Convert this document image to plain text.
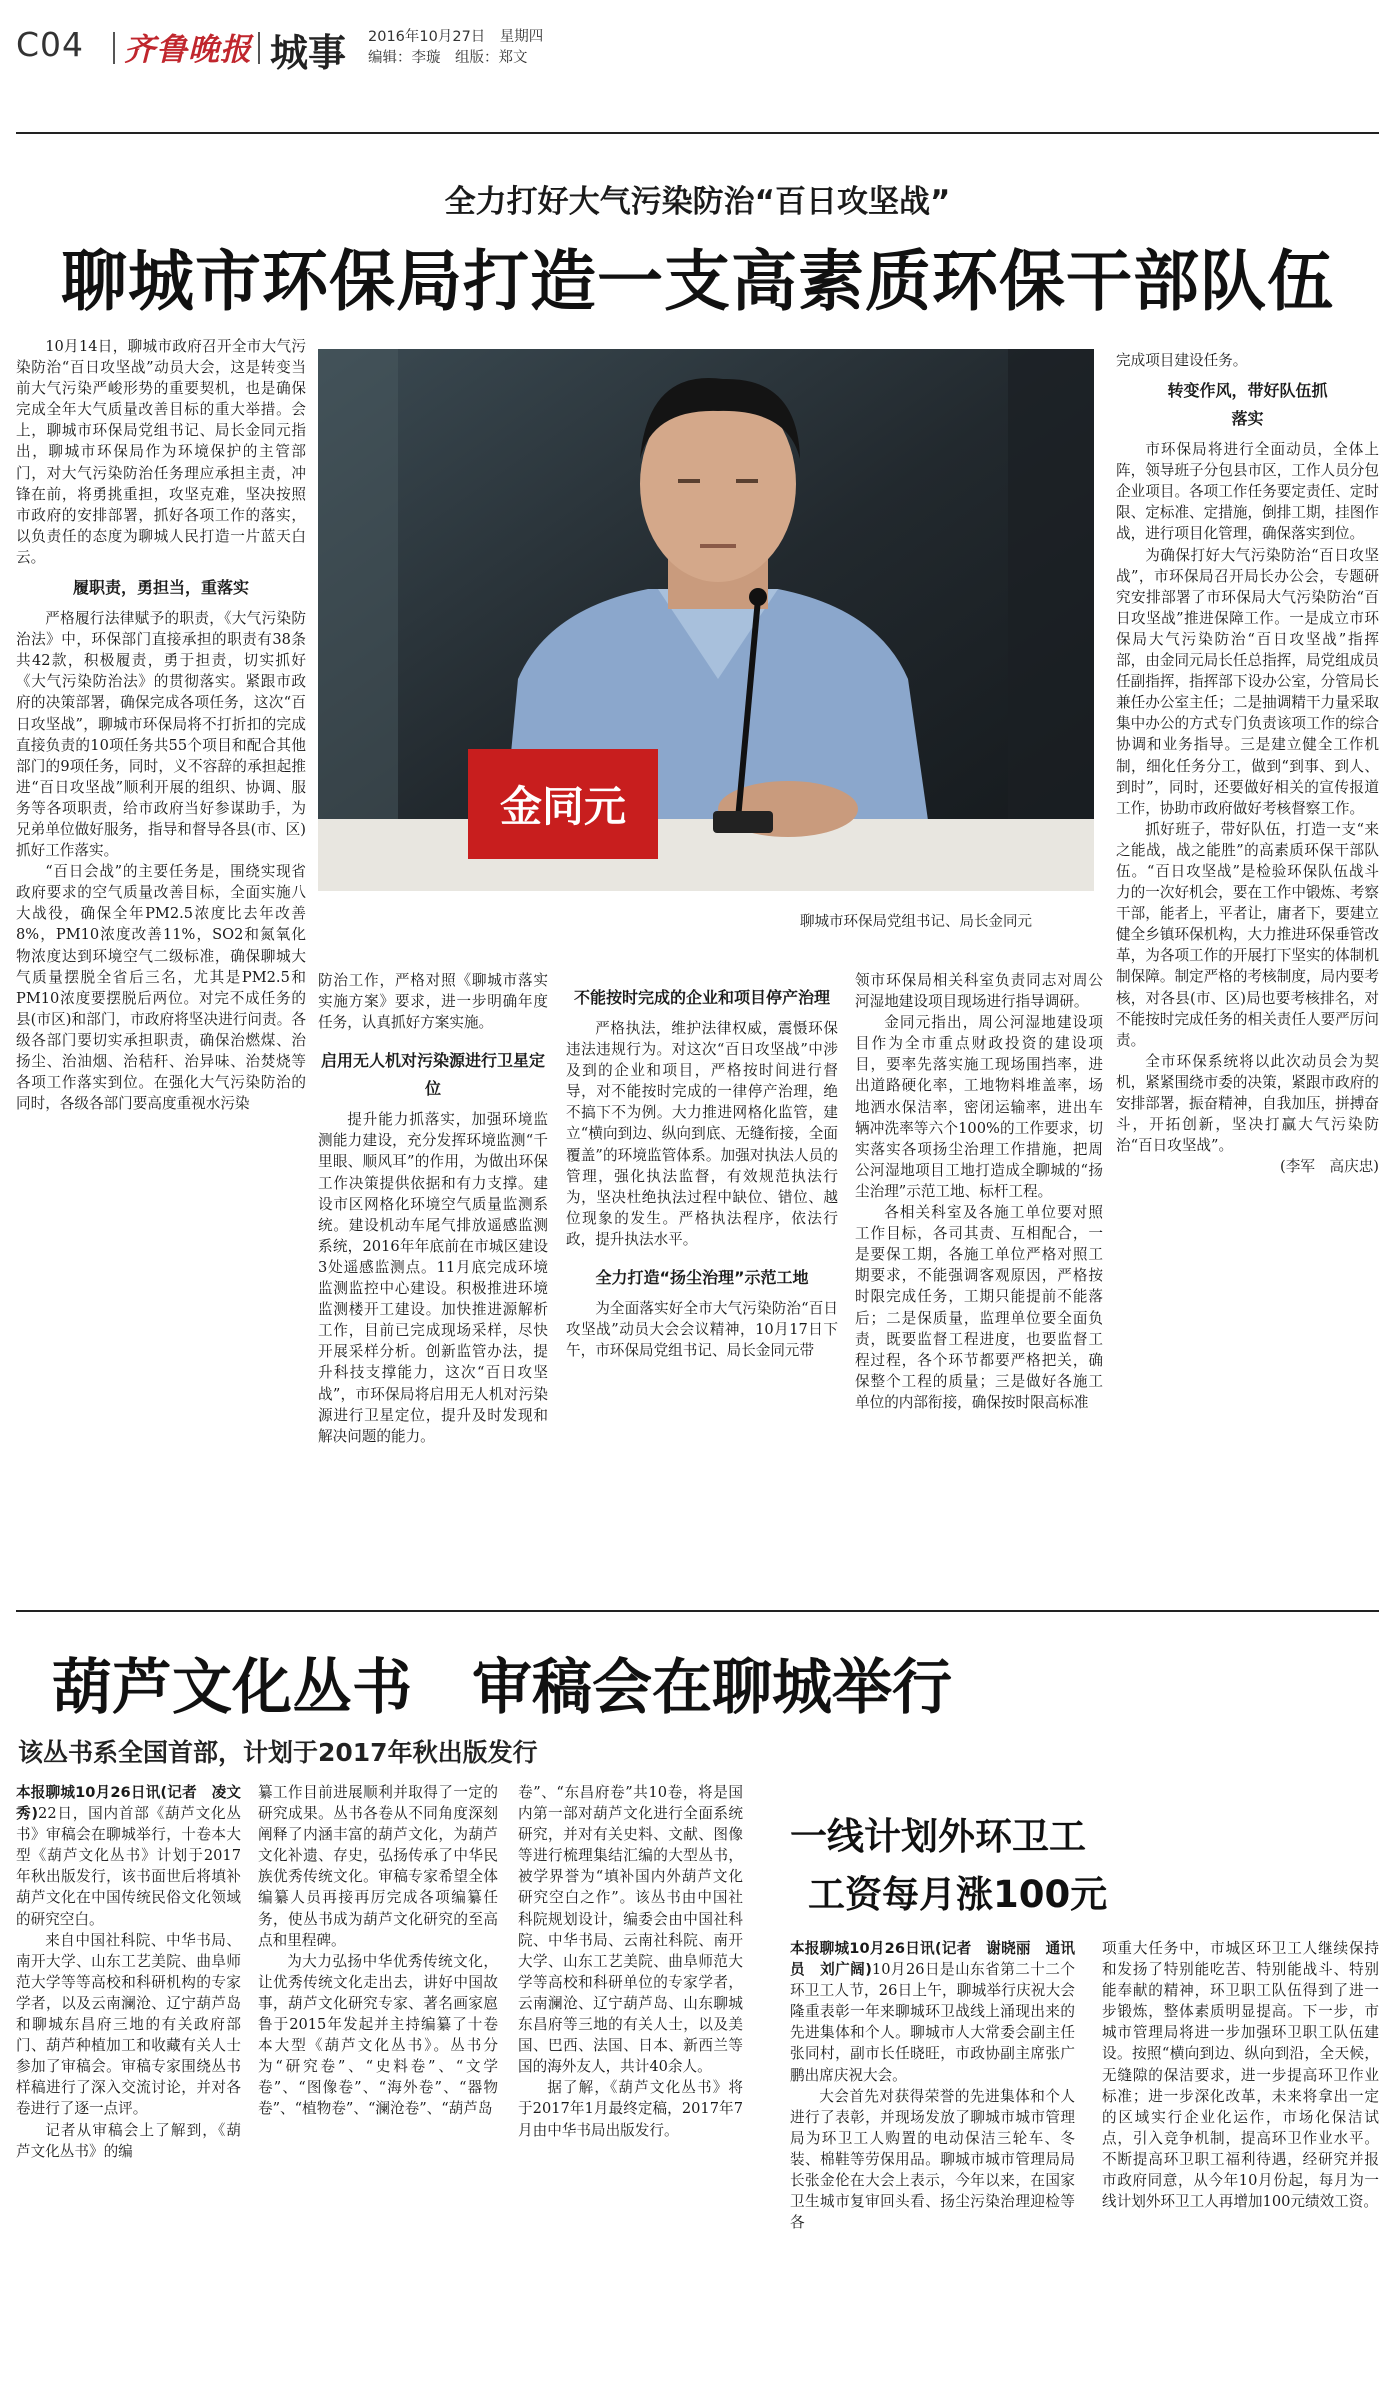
C04 齐鲁晚报 城事 2016年10月27日　星期四
编辑：李璇　组版：郑文
全力打好大气污染防治“百日攻坚战”
聊城市环保局打造一支高素质环保干部队伍
金同元
聊城市环保局党组书记、局长金同元

10月14日，聊城市政府召开全市大气污染防治“百日攻坚战”动员大会，这是转变当前大气污染严峻形势的重要契机，也是确保完成全年大气质量改善目标的重大举措。会上，聊城市环保局党组书记、局长金同元指出，聊城市环保局作为环境保护的主管部门，对大气污染防治任务理应承担主责，冲锋在前，将勇挑重担，攻坚克难，坚决按照市政府的安排部署，抓好各项工作的落实，以负责任的态度为聊城人民打造一片蓝天白云。

履职责，勇担当，重落实

严格履行法律赋予的职责，《大气污染防治法》中，环保部门直接承担的职责有38条共42款，积极履责，勇于担责，切实抓好《大气污染防治法》的贯彻落实。紧跟市政府的决策部署，确保完成各项任务，这次“百日攻坚战”，聊城市环保局将不打折扣的完成直接负责的10项任务共55个项目和配合其他部门的9项任务，同时，义不容辞的承担起推进“百日攻坚战”顺利开展的组织、协调、服务等各项职责，给市政府当好参谋助手，为兄弟单位做好服务，指导和督导各县(市、区)抓好工作落实。

“百日会战”的主要任务是，围绕实现省政府要求的空气质量改善目标，全面实施八大战役，确保全年PM2.5浓度比去年改善8%，PM10浓度改善11%，SO2和氮氧化物浓度达到环境空气二级标准，确保聊城大气质量摆脱全省后三名，尤其是PM2.5和PM10浓度要摆脱后两位。对完不成任务的县(市区)和部门，市政府将坚决进行问责。各级各部门要切实承担职责，确保治燃煤、治扬尘、治油烟、治秸秆、治异味、治焚烧等各项工作落实到位。在强化大气污染防治的同时，各级各部门要高度重视水污染

防治工作，严格对照《聊城市落实实施方案》要求，进一步明确年度任务，认真抓好方案实施。

启用无人机对污染源进行卫星定位

提升能力抓落实，加强环境监测能力建设，充分发挥环境监测“千里眼、顺风耳”的作用，为做出环保工作决策提供依据和有力支撑。建设市区网格化环境空气质量监测系统。建设机动车尾气排放遥感监测系统，2016年年底前在市城区建设3处遥感监测点。11月底完成环境监测监控中心建设。积极推进环境监测楼开工建设。加快推进源解析工作，目前已完成现场采样，尽快开展采样分析。创新监管办法，提升科技支撑能力，这次“百日攻坚战”，市环保局将启用无人机对污染源进行卫星定位，提升及时发现和解决问题的能力。

不能按时完成的企业和项目停产治理

严格执法，维护法律权威，震慑环保违法违规行为。对这次“百日攻坚战”中涉及到的企业和项目，严格按时间进行督导，对不能按时完成的一律停产治理，绝不搞下不为例。大力推进网格化监管，建立“横向到边、纵向到底、无缝衔接，全面覆盖”的环境监管体系。加强对执法人员的管理，强化执法监督，有效规范执法行为，坚决杜绝执法过程中缺位、错位、越位现象的发生。严格执法程序，依法行政，提升执法水平。

全力打造“扬尘治理”示范工地

为全面落实好全市大气污染防治“百日攻坚战”动员大会会议精神，10月17日下午，市环保局党组书记、局长金同元带

领市环保局相关科室负责同志对周公河湿地建设项目现场进行指导调研。

金同元指出，周公河湿地建设项目作为全市重点财政投资的建设项目，要率先落实施工现场围挡率，进出道路硬化率，工地物料堆盖率，场地洒水保洁率，密闭运输率，进出车辆冲洗率等六个100%的工作要求，切实落实各项扬尘治理工作措施，把周公河湿地项目工地打造成全聊城的“扬尘治理”示范工地、标杆工程。

各相关科室及各施工单位要对照工作目标，各司其责、互相配合，一是要保工期，各施工单位严格对照工期要求，不能强调客观原因，严格按时限完成任务，工期只能提前不能落后；二是保质量，监理单位要全面负责，既要监督工程进度，也要监督工程过程，各个环节都要严格把关，确保整个工程的质量；三是做好各施工单位的内部衔接，确保按时限高标准

完成项目建设任务。

转变作风，带好队伍抓落实

市环保局将进行全面动员，全体上阵，领导班子分包县市区，工作人员分包企业项目。各项工作任务要定责任、定时限、定标准、定措施，倒排工期，挂图作战，进行项目化管理，确保落实到位。

为确保打好大气污染防治“百日攻坚战”，市环保局召开局长办公会，专题研究安排部署了市环保局大气污染防治“百日攻坚战”推进保障工作。一是成立市环保局大气污染防治“百日攻坚战”指挥部，由金同元局长任总指挥，局党组成员任副指挥，指挥部下设办公室，分管局长兼任办公室主任；二是抽调精干力量采取集中办公的方式专门负责该项工作的综合协调和业务指导。三是建立健全工作机制，细化任务分工，做到“到事、到人、到时”，同时，还要做好相关的宣传报道工作，协助市政府做好考核督察工作。

抓好班子，带好队伍，打造一支“来之能战，战之能胜”的高素质环保干部队伍。“百日攻坚战”是检验环保队伍战斗力的一次好机会，要在工作中锻炼、考察干部，能者上，平者让，庸者下，要建立健全乡镇环保机构，大力推进环保垂管改革，为各项工作的开展打下坚实的体制机制保障。制定严格的考核制度，局内要考核，对各县(市、区)局也要考核排名，对不能按时完成任务的相关责任人要严厉问责。

全市环保系统将以此次动员会为契机，紧紧围绕市委的决策，紧跟市政府的安排部署，振奋精神，自我加压，拼搏奋斗，开拓创新，坚决打赢大气污染防治“百日攻坚战”。

(李军　高庆忠)

葫芦文化丛书　审稿会在聊城举行
该丛书系全国首部，计划于2017年秋出版发行

本报聊城10月26日讯(记者　凌文秀)22日，国内首部《葫芦文化丛书》审稿会在聊城举行，十卷本大型《葫芦文化丛书》计划于2017年秋出版发行，该书面世后将填补葫芦文化在中国传统民俗文化领域的研究空白。

来自中国社科院、中华书局、南开大学、山东工艺美院、曲阜师范大学等等高校和科研机构的专家学者，以及云南澜沧、辽宁葫芦岛和聊城东昌府三地的有关政府部门、葫芦种植加工和收藏有关人士参加了审稿会。审稿专家围绕丛书样稿进行了深入交流讨论，并对各卷进行了逐一点评。

记者从审稿会上了解到，《葫芦文化丛书》的编

纂工作目前进展顺利并取得了一定的研究成果。丛书各卷从不同角度深刻阐释了内涵丰富的葫芦文化，为葫芦文化补遗、存史，弘扬传承了中华民族优秀传统文化。审稿专家希望全体编纂人员再接再厉完成各项编纂任务，使丛书成为葫芦文化研究的至高点和里程碑。

为大力弘扬中华优秀传统文化，让优秀传统文化走出去，讲好中国故事，葫芦文化研究专家、著名画家扈鲁于2015年发起并主持编纂了十卷本大型《葫芦文化丛书》。丛书分为“研究卷”、“史料卷”、“文学卷”、“图像卷”、“海外卷”、“器物卷”、“植物卷”、“澜沧卷”、“葫芦岛

卷”、“东昌府卷”共10卷，将是国内第一部对葫芦文化进行全面系统研究，并对有关史料、文献、图像等进行梳理集结汇编的大型丛书，被学界誉为“填补国内外葫芦文化研究空白之作”。该丛书由中国社科院规划设计，编委会由中国社科院、中华书局、云南社科院、南开大学、山东工艺美院、曲阜师范大学等高校和科研单位的专家学者，云南澜沧、辽宁葫芦岛、山东聊城东昌府等三地的有关人士，以及美国、巴西、法国、日本、新西兰等国的海外友人，共计40余人。

据了解，《葫芦文化丛书》将于2017年1月最终定稿，2017年7月由中华书局出版发行。

一线计划外环卫工
工资每月涨100元

本报聊城10月26日讯(记者　谢晓丽　通讯员　刘广阔)10月26日是山东省第二十二个环卫工人节，26日上午，聊城举行庆祝大会隆重表彰一年来聊城环卫战线上涌现出来的先进集体和个人。聊城市人大常委会副主任张同村，副市长任晓旺，市政协副主席张广鹏出席庆祝大会。

大会首先对获得荣誉的先进集体和个人进行了表彰，并现场发放了聊城市城市管理局为环卫工人购置的电动保洁三轮车、冬装、棉鞋等劳保用品。聊城市城市管理局局长张金伦在大会上表示，今年以来，在国家卫生城市复审回头看、扬尘污染治理迎检等各

项重大任务中，市城区环卫工人继续保持和发扬了特别能吃苦、特别能战斗、特别能奉献的精神，环卫职工队伍得到了进一步锻炼，整体素质明显提高。下一步，市城市管理局将进一步加强环卫职工队伍建设。按照“横向到边、纵向到沿，全天候，无缝隙的保洁要求，进一步提高环卫作业标准；进一步深化改革，未来将拿出一定的区域实行企业化运作，市场化保洁试点，引入竞争机制，提高环卫作业水平。不断提高环卫职工福利待遇，经研究并报市政府同意，从今年10月份起，每月为一线计划外环卫工人再增加100元绩效工资。
